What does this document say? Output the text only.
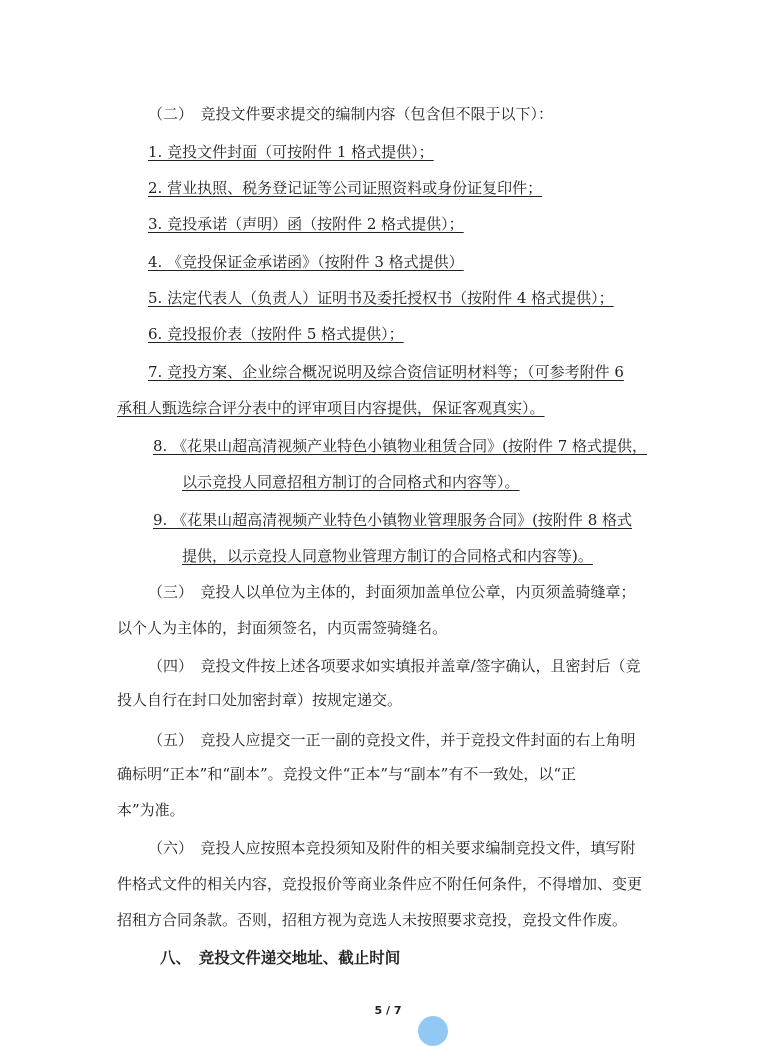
（二）　竞投文件要求提交的编制内容（包含但不限于以下）：
1. 竞投文件封面（可按附件 1 格式提供）；
2. 营业执照、税务登记证等公司证照资料或身份证复印件；
3. 竞投承诺（声明）函（按附件 2 格式提供）；
4. 《竞投保证金承诺函》（按附件 3 格式提供）
5. 法定代表人（负责人）证明书及委托授权书（按附件 4 格式提供）；
6. 竞投报价表（按附件 5 格式提供）；
7. 竞投方案、企业综合概况说明及综合资信证明材料等；（可参考附件 6
承租人甄选综合评分表中的评审项目内容提供，保证客观真实）。
8. 《花果山超高清视频产业特色小镇物业租赁合同》(按附件 7 格式提供，
以示竞投人同意招租方制订的合同格式和内容等）。
9. 《花果山超高清视频产业特色小镇物业管理服务合同》(按附件 8 格式
提供，以示竞投人同意物业管理方制订的合同格式和内容等)。
（三）　竞投人以单位为主体的，封面须加盖单位公章，内页须盖骑缝章；
以个人为主体的，封面须签名，内页需签骑缝名。
（四）　竞投文件按上述各项要求如实填报并盖章/签字确认，且密封后（竞
投人自行在封口处加密封章）按规定递交。
（五）　竞投人应提交一正一副的竞投文件，并于竞投文件封面的右上角明
确标明“正本”和“副本”。竞投文件“正本”与“副本”有不一致处，以“正
本”为准。
（六）　竞投人应按照本竞投须知及附件的相关要求编制竞投文件，填写附
件格式文件的相关内容，竞投报价等商业条件应不附任何条件，不得增加、变更
招租方合同条款。否则，招租方视为竞选人未按照要求竞投，竞投文件作废。
八、　竞投文件递交地址、截止时间
5 / 7
